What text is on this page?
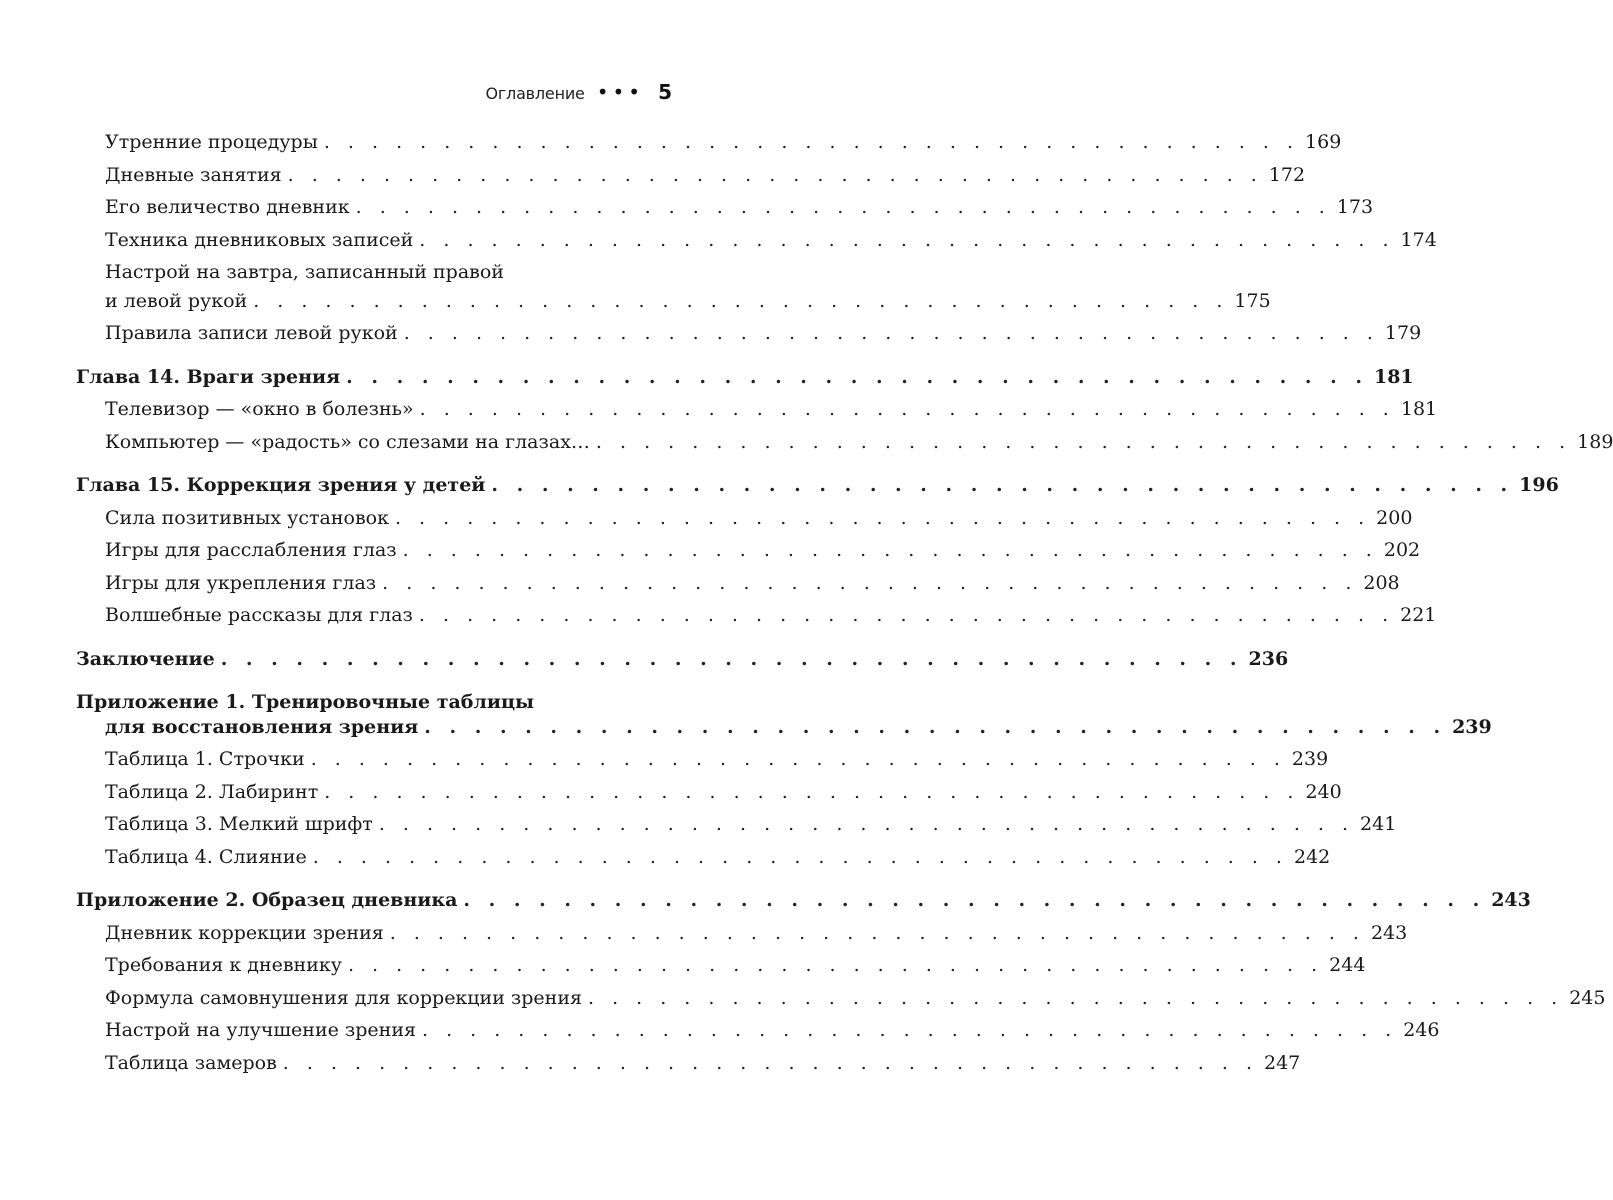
Оглавление ••• 5
Утренние процедуры . . . . . . . . . . . . . . . . . . . . . . . . . . . . . . . . . . . . . . . . . 169
Дневные занятия . . . . . . . . . . . . . . . . . . . . . . . . . . . . . . . . . . . . . . . . . 172
Его величество дневник . . . . . . . . . . . . . . . . . . . . . . . . . . . . . . . . . . . . . . . . . 173
Техника дневниковых записей . . . . . . . . . . . . . . . . . . . . . . . . . . . . . . . . . . . . . . . . . 174
Настрой на завтра, записанный правой
и левой рукой . . . . . . . . . . . . . . . . . . . . . . . . . . . . . . . . . . . . . . . . . 175
Правила записи левой рукой . . . . . . . . . . . . . . . . . . . . . . . . . . . . . . . . . . . . . . . . . 179
Глава 14. Враги зрения . . . . . . . . . . . . . . . . . . . . . . . . . . . . . . . . . . . . . . . . . 181
Телевизор — «окно в болезнь» . . . . . . . . . . . . . . . . . . . . . . . . . . . . . . . . . . . . . . . . . 181
Компьютер — «радость» со слезами на глазах… . . . . . . . . . . . . . . . . . . . . . . . . . . . . . . . . . . . . . . . . . 189
Глава 15. Коррекция зрения у детей . . . . . . . . . . . . . . . . . . . . . . . . . . . . . . . . . . . . . . . . . 196
Сила позитивных установок . . . . . . . . . . . . . . . . . . . . . . . . . . . . . . . . . . . . . . . . . 200
Игры для расслабления глаз . . . . . . . . . . . . . . . . . . . . . . . . . . . . . . . . . . . . . . . . . 202
Игры для укрепления глаз . . . . . . . . . . . . . . . . . . . . . . . . . . . . . . . . . . . . . . . . . 208
Волшебные рассказы для глаз . . . . . . . . . . . . . . . . . . . . . . . . . . . . . . . . . . . . . . . . . 221
Заключение . . . . . . . . . . . . . . . . . . . . . . . . . . . . . . . . . . . . . . . . . 236
Приложение 1. Тренировочные таблицы
для восстановления зрения . . . . . . . . . . . . . . . . . . . . . . . . . . . . . . . . . . . . . . . . . 239
Таблица 1. Строчки . . . . . . . . . . . . . . . . . . . . . . . . . . . . . . . . . . . . . . . . . 239
Таблица 2. Лабиринт . . . . . . . . . . . . . . . . . . . . . . . . . . . . . . . . . . . . . . . . . 240
Таблица 3. Мелкий шрифт . . . . . . . . . . . . . . . . . . . . . . . . . . . . . . . . . . . . . . . . . 241
Таблица 4. Слияние . . . . . . . . . . . . . . . . . . . . . . . . . . . . . . . . . . . . . . . . . 242
Приложение 2. Образец дневника . . . . . . . . . . . . . . . . . . . . . . . . . . . . . . . . . . . . . . . . . 243
Дневник коррекции зрения . . . . . . . . . . . . . . . . . . . . . . . . . . . . . . . . . . . . . . . . . 243
Требования к дневнику . . . . . . . . . . . . . . . . . . . . . . . . . . . . . . . . . . . . . . . . . 244
Формула самовнушения для коррекции зрения . . . . . . . . . . . . . . . . . . . . . . . . . . . . . . . . . . . . . . . . . 245
Настрой на улучшение зрения . . . . . . . . . . . . . . . . . . . . . . . . . . . . . . . . . . . . . . . . . 246
Таблица замеров . . . . . . . . . . . . . . . . . . . . . . . . . . . . . . . . . . . . . . . . . 247
